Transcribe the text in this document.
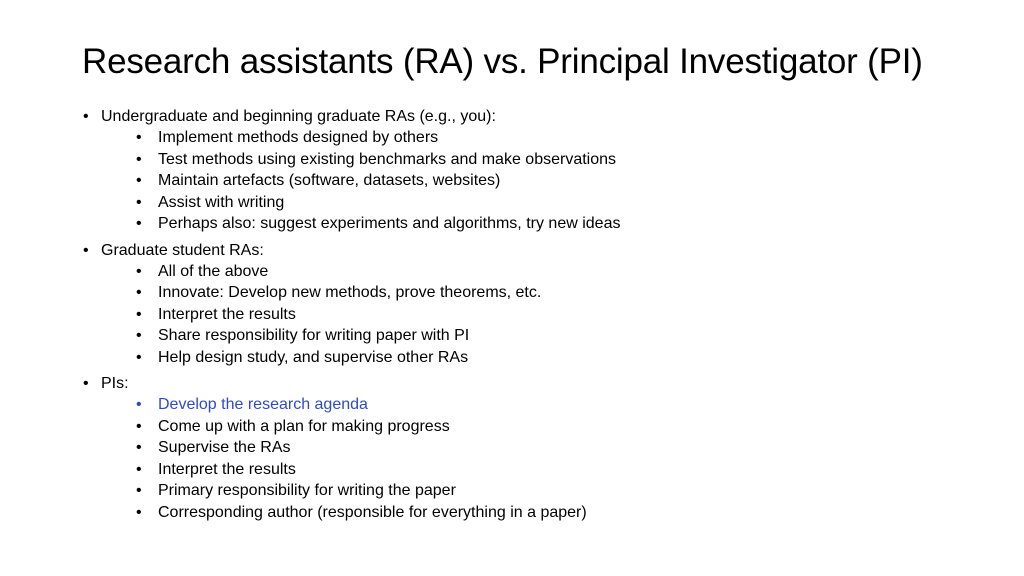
Research assistants (RA) vs. Principal Investigator (PI)
• Undergraduate and beginning graduate RAs (e.g., you):
• Implement methods designed by others
• Test methods using existing benchmarks and make observations
• Maintain artefacts (software, datasets, websites)
• Assist with writing
• Perhaps also: suggest experiments and algorithms, try new ideas
• Graduate student RAs:
• All of the above
• Innovate: Develop new methods, prove theorems, etc.
• Interpret the results
• Share responsibility for writing paper with PI
• Help design study, and supervise other RAs
• PIs:
• Develop the research agenda
• Come up with a plan for making progress
• Supervise the RAs
• Interpret the results
• Primary responsibility for writing the paper
• Corresponding author (responsible for everything in a paper)
